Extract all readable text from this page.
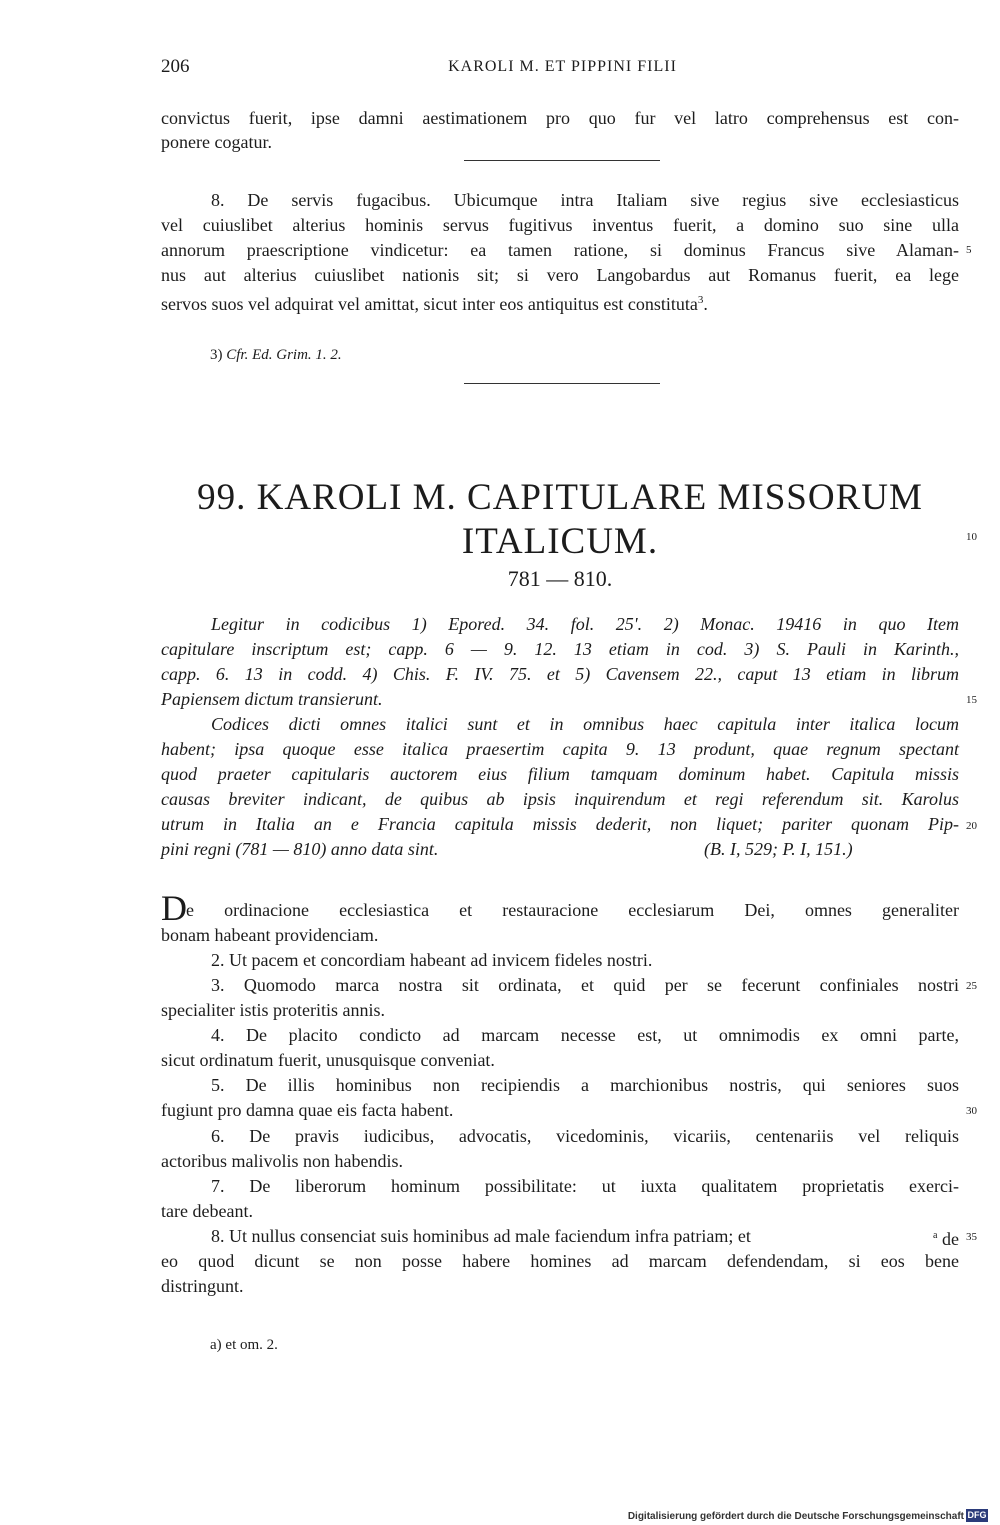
206	KAROLI M. ET PIPPINI FILII
convictus fuerit, ipse damni aestimationem pro quo fur vel latro comprehensus est con-
ponere cogatur.
8. De servis fugacibus. Ubicumque intra Italiam sive regius sive ecclesiasticus
vel cuiuslibet alterius hominis servus fugitivus inventus fuerit, a domino suo sine ulla
annorum praescriptione vindicetur: ea tamen ratione, si dominus Francus sive Alaman-
nus aut alterius cuiuslibet nationis sit; si vero Langobardus aut Romanus fuerit, ea lege
servos suos vel adquirat vel amittat, sicut inter eos antiquitus est constituta$^3$.
3) Cfr. Ed. Grim. 1. 2.
99. KAROLI M. CAPITULARE MISSORUM
ITALICUM.
781 — 810.
Legitur in codicibus 1) Epored. 34. fol. 25'. 2) Monac. 19416 in quo Item
capitulare inscriptum est; capp. 6 — 9. 12. 13 etiam in cod. 3) S. Pauli in Karinth.,
capp. 6. 13 in codd. 4) Chis. F. IV. 75. et 5) Cavensem 22., caput 13 etiam in librum
Papiensem dictum transierunt.
Codices dicti omnes italici sunt et in omnibus haec capitula inter italica locum
habent; ipsa quoque esse italica praesertim capita 9. 13 produnt, quae regnum spectant
quod praeter capitularis auctorem eius filium tamquam dominum habet. Capitula missis
causas breviter indicant, de quibus ab ipsis inquirendum et regi referendum sit. Karolus
utrum in Italia an e Francia capitula missis dederit, non liquet; pariter quonam Pip-
pini regni (781 — 810) anno data sint.	(B. I, 529; P. I, 151.)
D e ordinacione ecclesiastica et restauracione ecclesiarum Dei, omnes generaliter
bonam habeant providenciam.
2. Ut pacem et concordiam habeant ad invicem fideles nostri.
3. Quomodo marca nostra sit ordinata, et quid per se fecerunt confiniales nostri
specialiter istis proteritis annis.
4. De placito condicto ad marcam necesse est, ut omnimodis ex omni parte,
sicut ordinatum fuerit, unusquisque conveniat.
5. De illis hominibus non recipiendis a marchionibus nostris, qui seniores suos
fugiunt pro damna quae eis facta habent.
6. De pravis iudicibus, advocatis, vicedominis, vicariis, centenariis vel reliquis
actoribus malivolis non habendis.
7. De liberorum hominum possibilitate: ut iuxta qualitatem proprietatis exerci-
tare debeant.
8. Ut nullus consenciat suis hominibus ad male faciendum infra patriam; et	$^a$ de
eo quod dicunt se non posse habere homines ad marcam defendendam, si eos bene
distringunt.
a) et om. 2.
5
10
15
20
25
30
35
Digitalisierung gefördert durch die Deutsche Forschungsgemeinschaft DFG
